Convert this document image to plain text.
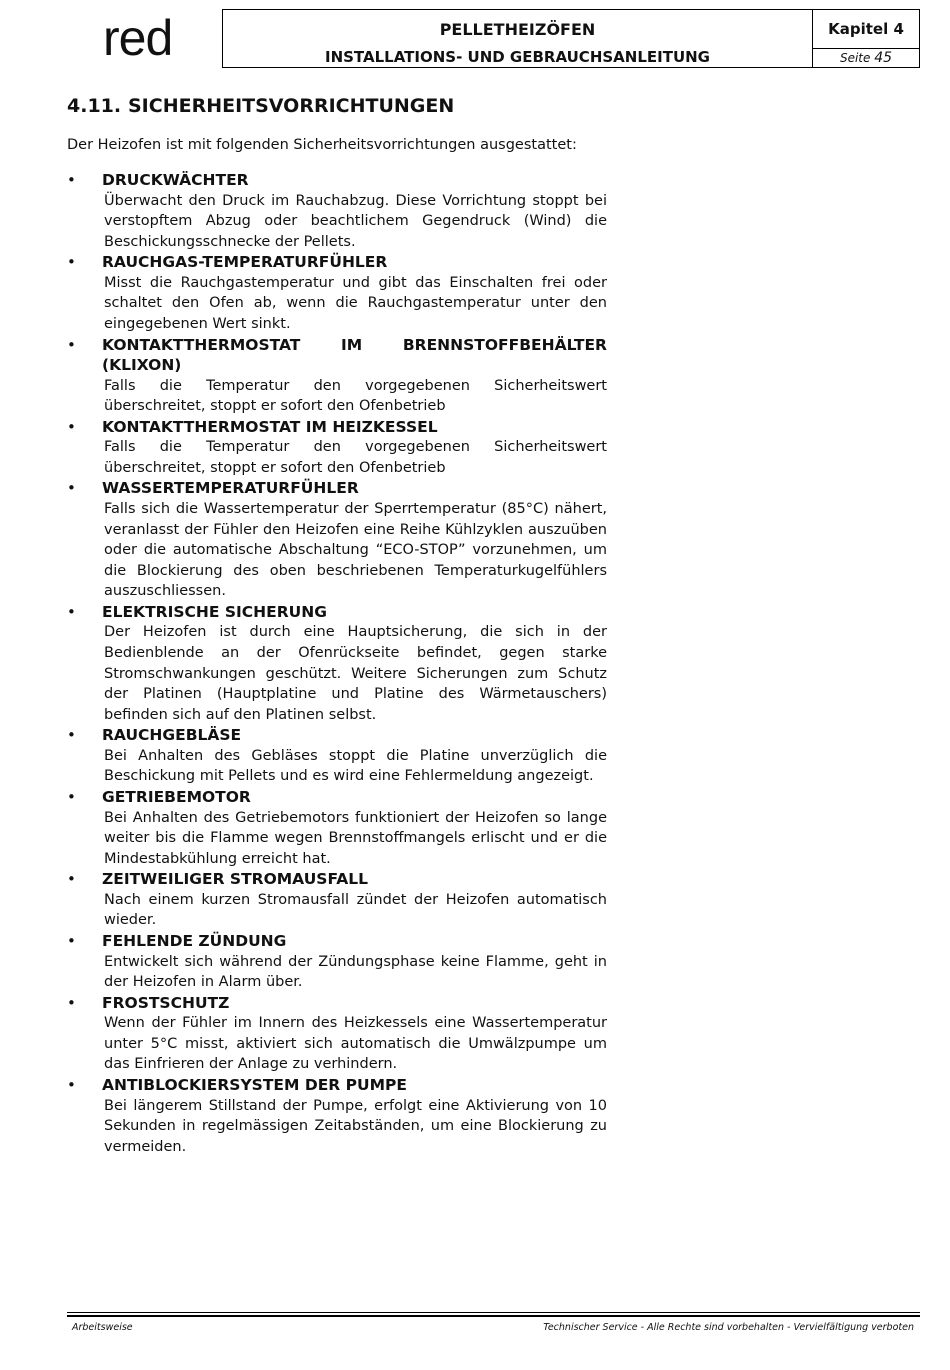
red	PELLETHEIZÖFEN
INSTALLATIONS- UND GEBRAUCHSANLEITUNG
Kapitel 4
Seite 45
4.11. SICHERHEITSVORRICHTUNGEN
Der Heizofen ist mit folgenden Sicherheitsvorrichtungen ausgestattet:
• DRUCKWÄCHTER
Überwacht den Druck im Rauchabzug. Diese Vorrichtung stoppt bei verstopftem Abzug oder beachtlichem Gegendruck (Wind) die Beschickungsschnecke der Pellets.
• RAUCHGAS-TEMPERATURFÜHLER
Misst die Rauchgastemperatur und gibt das Einschalten frei oder schaltet den Ofen ab, wenn die Rauchgastemperatur unter den eingegebenen Wert sinkt.
• KONTAKTTHERMOSTAT IM BRENNSTOFFBEHÄLTER (KLIXON)
Falls die Temperatur den vorgegebenen Sicherheitswert überschreitet, stoppt er sofort den Ofenbetrieb
• KONTAKTTHERMOSTAT IM HEIZKESSEL
Falls die Temperatur den vorgegebenen Sicherheitswert überschreitet, stoppt er sofort den Ofenbetrieb
• WASSERTEMPERATURFÜHLER
Falls sich die Wassertemperatur der Sperrtemperatur (85°C) nähert, veranlasst der Fühler den Heizofen eine Reihe Kühlzyklen auszuüben oder die automatische Abschaltung “ECO-STOP” vorzunehmen, um die Blockierung des oben beschriebenen Temperaturkugelfühlers auszuschliessen.
• ELEKTRISCHE SICHERUNG
Der Heizofen ist durch eine Hauptsicherung, die sich in der Bedienblende an der Ofenrückseite befindet, gegen starke Stromschwankungen geschützt. Weitere Sicherungen zum Schutz der Platinen (Hauptplatine und Platine des Wärmetauschers) befinden sich auf den Platinen selbst.
• RAUCHGEBLÄSE
Bei Anhalten des Gebläses stoppt die Platine unverzüglich die Beschickung mit Pellets und es wird eine Fehlermeldung angezeigt.
• GETRIEBEMOTOR
Bei Anhalten des Getriebemotors funktioniert der Heizofen so lange weiter bis die Flamme wegen Brennstoffmangels erlischt und er die Mindestabkühlung erreicht hat.
• ZEITWEILIGER STROMAUSFALL
Nach einem kurzen Stromausfall zündet der Heizofen automatisch wieder.
• FEHLENDE ZÜNDUNG
Entwickelt sich während der Zündungsphase keine Flamme, geht in der Heizofen in Alarm über.
• FROSTSCHUTZ
Wenn der Fühler im Innern des Heizkessels eine Wassertemperatur unter 5°C misst, aktiviert sich automatisch die Umwälzpumpe um das Einfrieren der Anlage zu verhindern.
• ANTIBLOCKIERSYSTEM DER PUMPE
Bei längerem Stillstand der Pumpe, erfolgt eine Aktivierung von 10 Sekunden in regelmässigen Zeitabständen, um eine Blockierung zu vermeiden.
Arbeitsweise	Technischer Service - Alle Rechte sind vorbehalten - Vervielfältigung verboten
